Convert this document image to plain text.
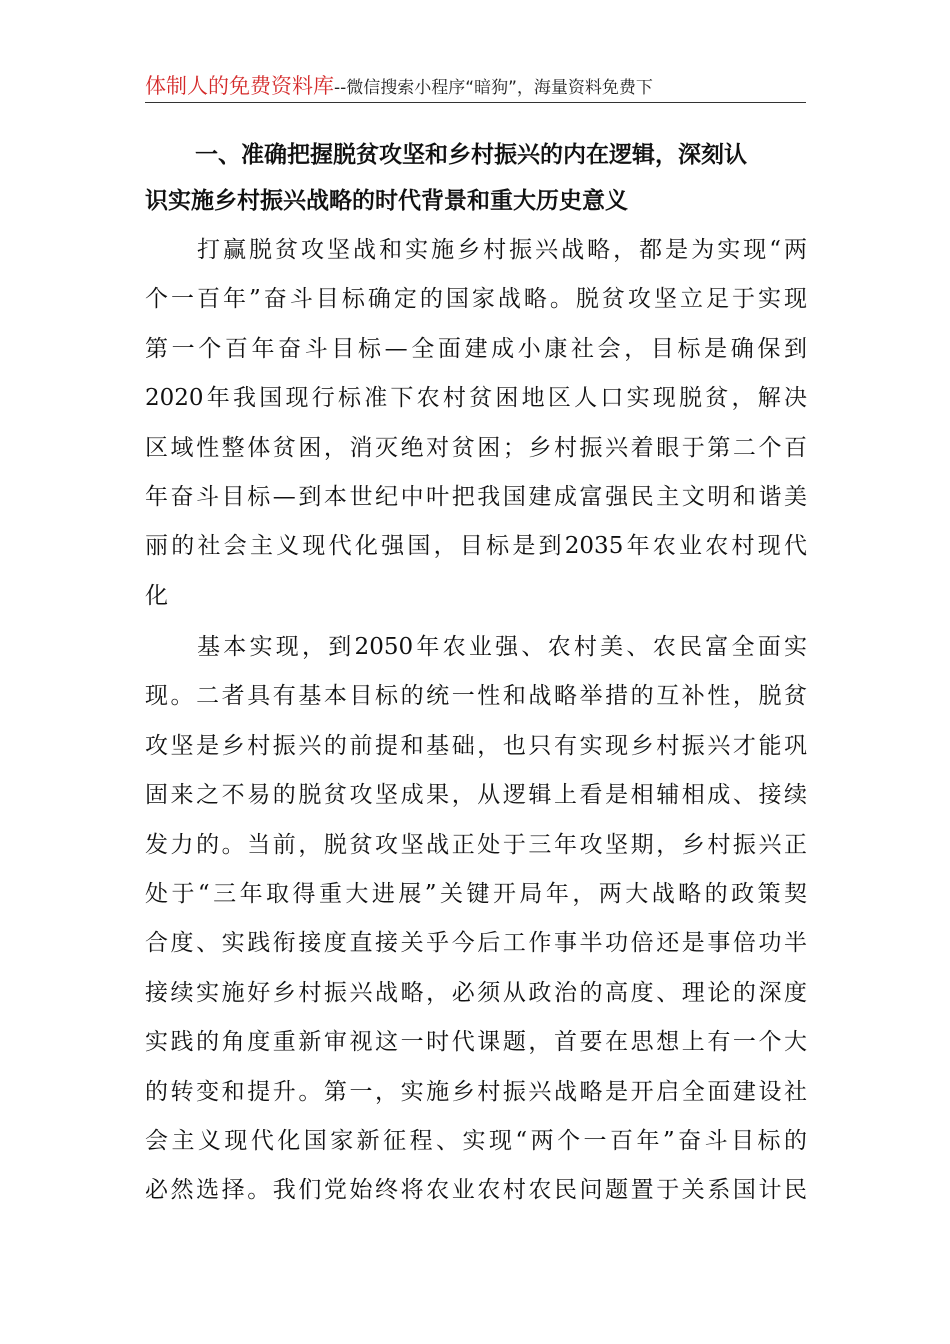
体制人的免费资料库--微信搜索小程序“暗狗”，海量资料免费下
一、准确把握脱贫攻坚和乡村振兴的内在逻辑，深刻认
识实施乡村振兴战略的时代背景和重大历史意义
打赢脱贫攻坚战和实施乡村振兴战略，都是为实现“两
个一百年”奋斗目标确定的国家战略。脱贫攻坚立足于实现
第一个百年奋斗目标—全面建成小康社会，目标是确保到
2020年我国现行标准下农村贫困地区人口实现脱贫，解决
区域性整体贫困，消灭绝对贫困；乡村振兴着眼于第二个百
年奋斗目标—到本世纪中叶把我国建成富强民主文明和谐美
丽的社会主义现代化强国，目标是到2035年农业农村现代
化
基本实现，到2050年农业强、农村美、农民富全面实
现。二者具有基本目标的统一性和战略举措的互补性，脱贫
攻坚是乡村振兴的前提和基础，也只有实现乡村振兴才能巩
固来之不易的脱贫攻坚成果，从逻辑上看是相辅相成、接续
发力的。当前，脱贫攻坚战正处于三年攻坚期，乡村振兴正
处于“三年取得重大进展”关键开局年，两大战略的政策契
合度、实践衔接度直接关乎今后工作事半功倍还是事倍功半
接续实施好乡村振兴战略，必须从政治的高度、理论的深度
实践的角度重新审视这一时代课题，首要在思想上有一个大
的转变和提升。第一，实施乡村振兴战略是开启全面建设社
会主义现代化国家新征程、实现“两个一百年”奋斗目标的
必然选择。我们党始终将农业农村农民问题置于关系国计民
